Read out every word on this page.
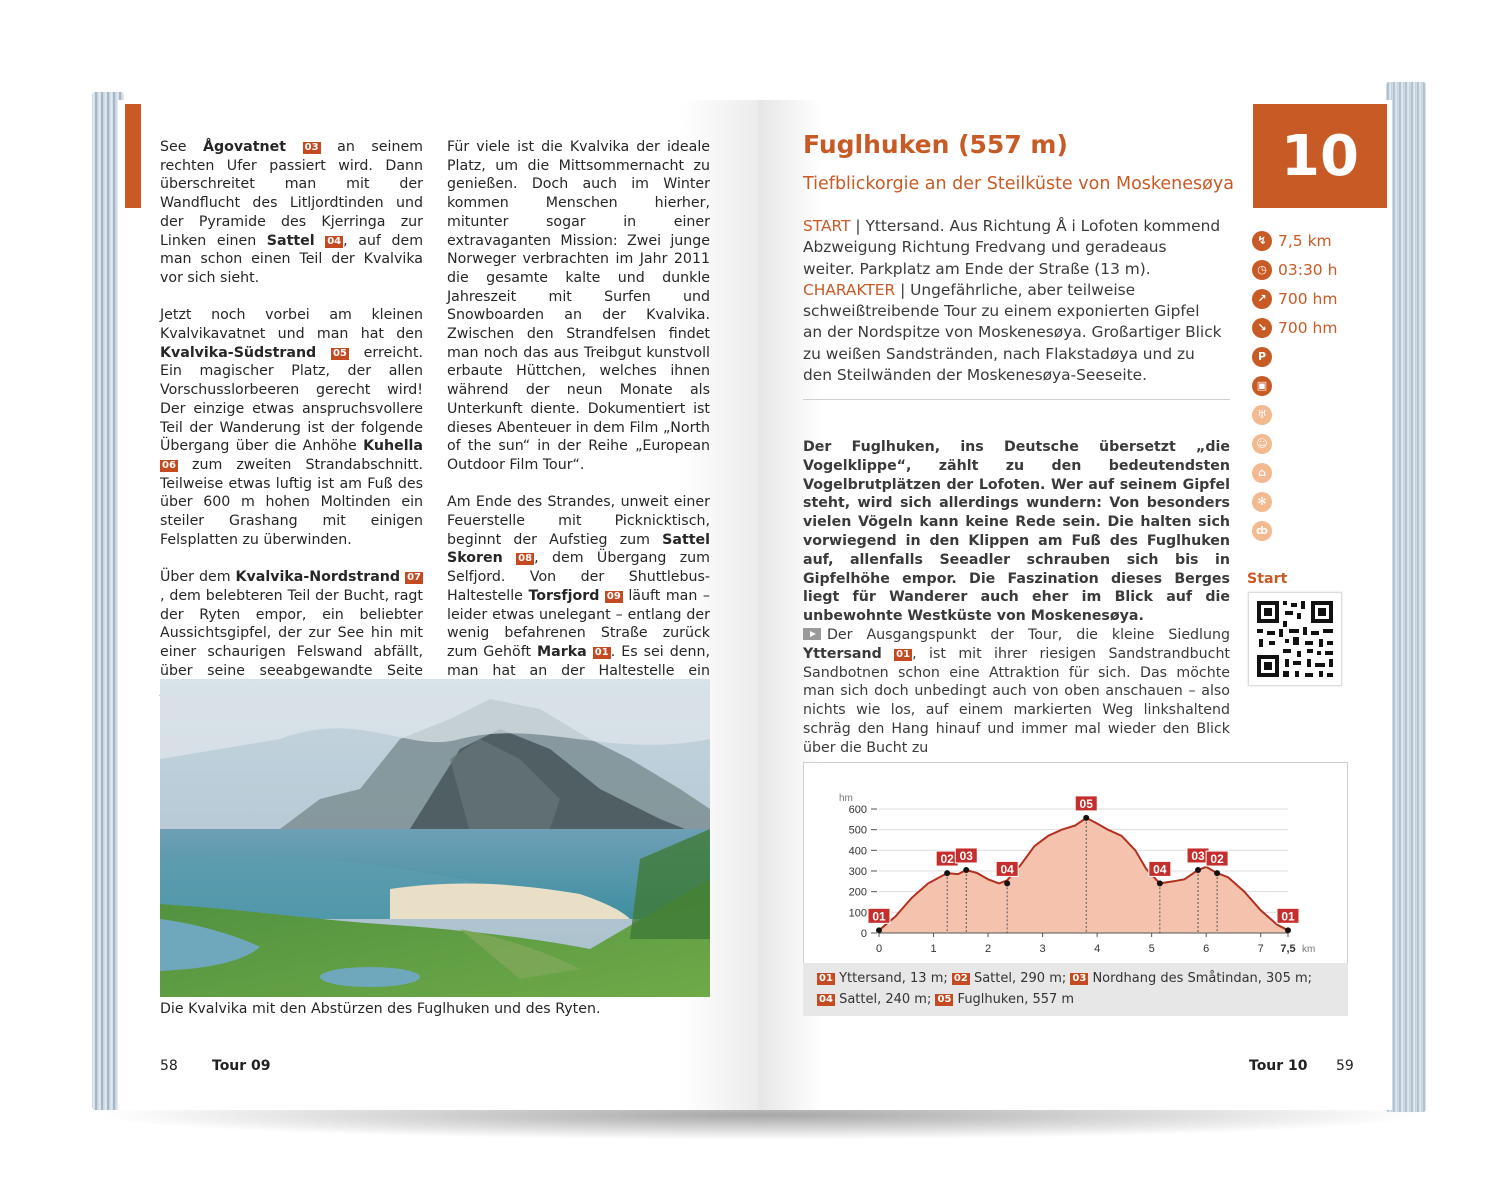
See Ågovatnet 03 an seinem rechten Ufer passiert wird. Dann überschreitet man mit der Wandflucht des Litljordtinden und der Pyramide des Kjerringa zur Linken einen Sattel 04 , auf dem man schon einen Teil der Kvalvika vor sich sieht.

Jetzt noch vorbei am kleinen Kvalvikavatnet und man hat den Kvalvika-Südstrand 05 erreicht. Ein magischer Platz, der allen Vorschusslorbeeren gerecht wird! Der einzige etwas anspruchsvollere Teil der Wanderung ist der folgende Übergang über die Anhöhe Kuhella 06 zum zweiten Strandabschnitt. Teilweise etwas luftig ist am Fuß des über 600 m hohen Moltinden ein steiler Grashang mit einigen Felsplatten zu überwinden.

Über dem Kvalvika-Nordstrand 07, dem belebteren Teil der Bucht, ragt der Ryten empor, ein beliebter Aussichtsgipfel, der zur See hin mit einer schaurigen Felswand abfällt, über seine seeabgewandte Seite

Für viele ist die Kvalvika der ideale Platz, um die Mittsommernacht zu genießen. Doch auch im Winter kommen Menschen hierher, mitunter sogar in einer extravaganten Mission: Zwei junge Norweger verbrachten im Jahr 2011 die gesamte kalte und dunkle Jahreszeit mit Surfen und Snowboarden an der Kvalvika. Zwischen den Strandfelsen findet man noch das aus Treibgut kunstvoll erbaute Hüttchen, welches ihnen während der neun Monate als Unterkunft diente. Dokumentiert ist dieses Abenteuer in dem Film „North of the sun“ in der Reihe „European Outdoor Film Tour“.

Am Ende des Strandes, unweit einer Feuerstelle mit Picknicktisch, beginnt der Aufstieg zum Sattel Skoren 08 , dem Übergang zum Selfjord. Von der Shuttlebus-Haltestelle Torsfjord 09 läuft man – leider etwas unelegant – entlang der wenig befahrenen Straße zurück zum Gehöft Marka 01 . Es sei denn, man hat an der Haltestelle ein

Die Kvalvika mit den Abstürzen des Fuglhuken und des Ryten.
58 Tour 09
Fuglhuken (557 m)
Tiefblickorgie an der Steilküste von Moskenesøya 10
START | Yttersand. Aus Richtung Å i Lofoten kommend Abzweigung Richtung Fredvang und geradeaus weiter. Parkplatz am Ende der Straße (13 m).
CHARAKTER | Ungefährliche, aber teilweise schweißtreibende Tour zu einem exponierten Gipfel an der Nordspitze von Moskenesøya. Großartiger Blick zu weißen Sandstränden, nach Flakstadøya und zu den Steilwänden der Moskenesøya-Seeseite.
Der Fuglhuken, ins Deutsche übersetzt „die Vogelklippe“, zählt zu den bedeutendsten Vogelbrutplätzen der Lofoten. Wer auf seinem Gipfel steht, wird sich allerdings wundern: Von besonders vielen Vögeln kann keine Rede sein. Die halten sich vorwiegend in den Klippen am Fuß des Fuglhuken auf, allenfalls Seeadler schrauben sich bis in Gipfelhöhe empor. Die Faszination dieses Berges liegt für Wanderer auch eher im Blick auf die unbewohnte Westküste von Moskenesøya.
Der Ausgangspunkt der Tour, die kleine Siedlung Yttersand 01 , ist mit ihrer riesigen Sandstrandbucht Sandbotnen schon eine Attraktion für sich. Das möchte man sich doch unbedingt auch von oben anschauen – also nichts wie los, auf einem markierten Weg linkshaltend schräg den Hang hinauf und immer mal wieder den Blick über die Bucht zu
↯ 7,5 km
◷ 03:30 h
↗ 700 hm
↘ 700 hm
P
▣
♅
☺
⌂
✻
ȸ
Start
0
100
200
300
400
500
600
hm
0	1	2	3	4	5	6	7 7,5 km
01
02 03
04
05
04
03 02
01
01 Yttersand, 13 m; 02 Sattel, 290 m; 03 Nordhang des Småtindan, 305 m;
04 Sattel, 240 m; 05 Fuglhuken, 557 m
Tour 10 59
